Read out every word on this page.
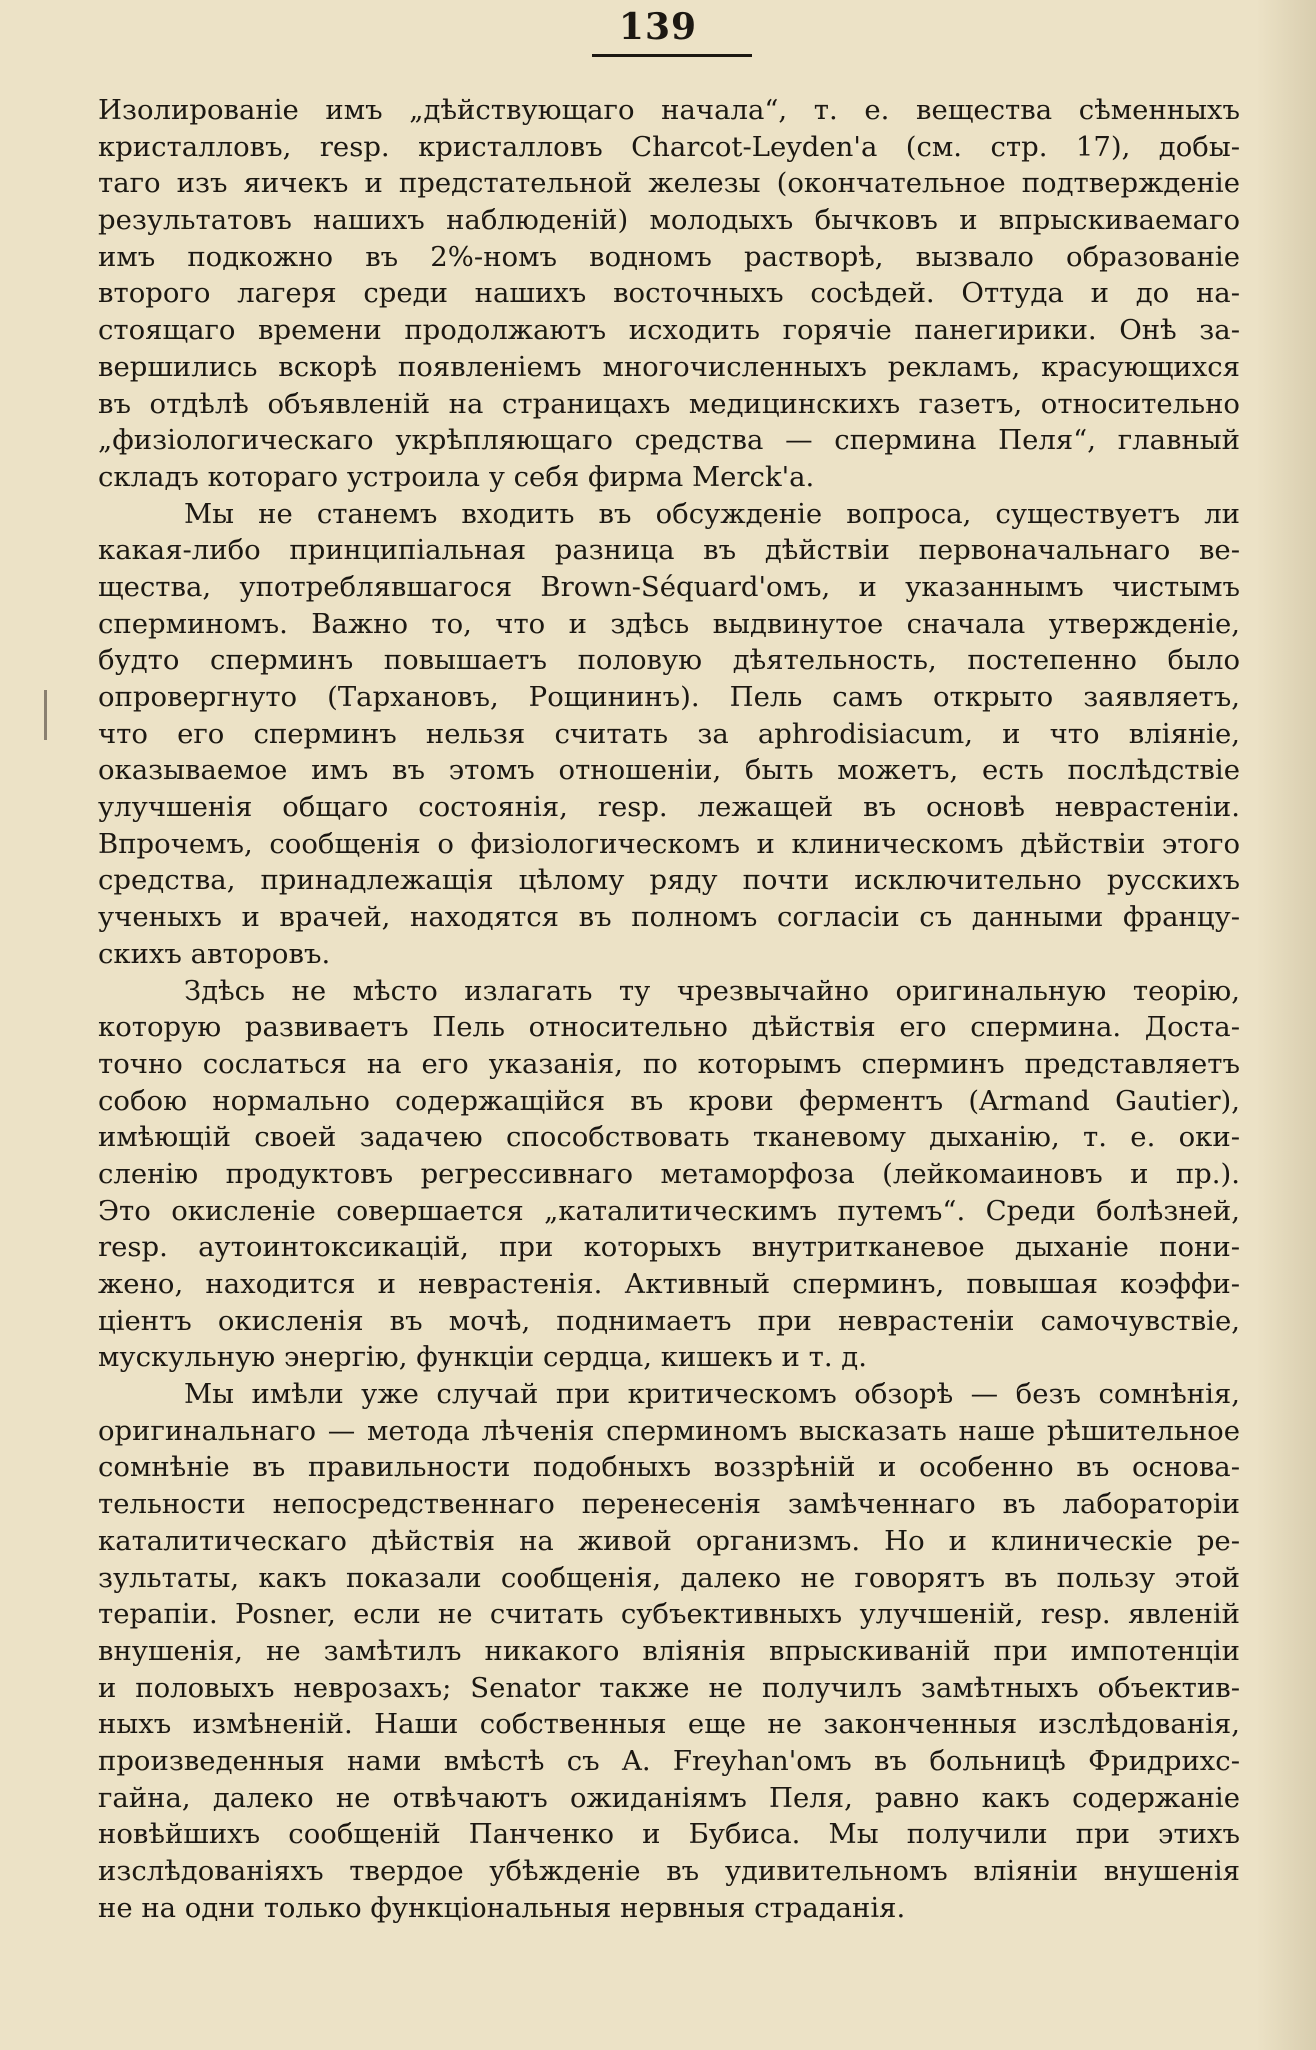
139
Изолированіе имъ „дѣйствующаго начала“, т. е. вещества сѣменныхъ
кристалловъ, resp. кристалловъ Charcot-Leyden'а (см. стр. 17), добы-
таго изъ яичекъ и предстательной железы (окончательное подтвержденіе
результатовъ нашихъ наблюденій) молодыхъ бычковъ и впрыскиваемаго
имъ подкожно въ 2%-номъ водномъ растворѣ, вызвало образованіе
второго лагеря среди нашихъ восточныхъ сосѣдей. Оттуда и до на-
стоящаго времени продолжаютъ исходить горячіе панегирики. Онѣ за-
вершились вскорѣ появленіемъ многочисленныхъ рекламъ, красующихся
въ отдѣлѣ объявленій на страницахъ медицинскихъ газетъ, относительно
„физіологическаго укрѣпляющаго средства — спермина Пеля“, главный
складъ котораго устроила у себя фирма Merck'а.
Мы не станемъ входить въ обсужденіе вопроса, существуетъ ли
какая-либо принципіальная разница въ дѣйствіи первоначальнаго ве-
щества, употреблявшагося Brown-Séquard'омъ, и указаннымъ чистымъ
сперминомъ. Важно то, что и здѣсь выдвинутое сначала утвержденіе,
будто сперминъ повышаетъ половую дѣятельность, постепенно было
опровергнуто (Тархановъ, Рощининъ). Пель самъ открыто заявляетъ,
что его сперминъ нельзя считать за aphrodisiacum, и что вліяніе,
оказываемое имъ въ этомъ отношеніи, быть можетъ, есть послѣдствіе
улучшенія общаго состоянія, resp. лежащей въ основѣ неврастеніи.
Впрочемъ, сообщенія о физіологическомъ и клиническомъ дѣйствіи этого
средства, принадлежащія цѣлому ряду почти исключительно русскихъ
ученыхъ и врачей, находятся въ полномъ согласіи съ данными францу-
скихъ авторовъ.
Здѣсь не мѣсто излагать ту чрезвычайно оригинальную теорію,
которую развиваетъ Пель относительно дѣйствія его спермина. Доста-
точно сослаться на его указанія, по которымъ сперминъ представляетъ
собою нормально содержащійся въ крови ферментъ (Armand Gautier),
имѣющій своей задачею способствовать тканевому дыханію, т. е. оки-
сленію продуктовъ регрессивнаго метаморфоза (лейкомаиновъ и пр.).
Это окисленіе совершается „каталитическимъ путемъ“. Среди болѣзней,
resp. аутоинтоксикацій, при которыхъ внутритканевое дыханіе пони-
жено, находится и неврастенія. Активный сперминъ, повышая коэффи-
ціентъ окисленія въ мочѣ, поднимаетъ при неврастеніи самочувствіе,
мускульную энергію, функціи сердца, кишекъ и т. д.
Мы имѣли уже случай при критическомъ обзорѣ — безъ сомнѣнія,
оригинальнаго — метода лѣченія сперминомъ высказать наше рѣшительное
сомнѣніе въ правильности подобныхъ воззрѣній и особенно въ основа-
тельности непосредственнаго перенесенія замѣченнаго въ лабораторіи
каталитическаго дѣйствія на живой организмъ. Но и клиническіе ре-
зультаты, какъ показали сообщенія, далеко не говорятъ въ пользу этой
терапіи. Posner, если не считать субъективныхъ улучшеній, resp. явленій
внушенія, не замѣтилъ никакого вліянія впрыскиваній при импотенціи
и половыхъ неврозахъ; Senator также не получилъ замѣтныхъ объектив-
ныхъ измѣненій. Наши собственныя еще не законченныя изслѣдованія,
произведенныя нами вмѣстѣ съ A. Freyhan'омъ въ больницѣ Фридрихс-
гайна, далеко не отвѣчаютъ ожиданіямъ Пеля, равно какъ содержаніе
новѣйшихъ сообщеній Панченко и Бубиса. Мы получили при этихъ
изслѣдованіяхъ твердое убѣжденіе въ удивительномъ вліяніи внушенія
не на одни только функціональныя нервныя страданія.
